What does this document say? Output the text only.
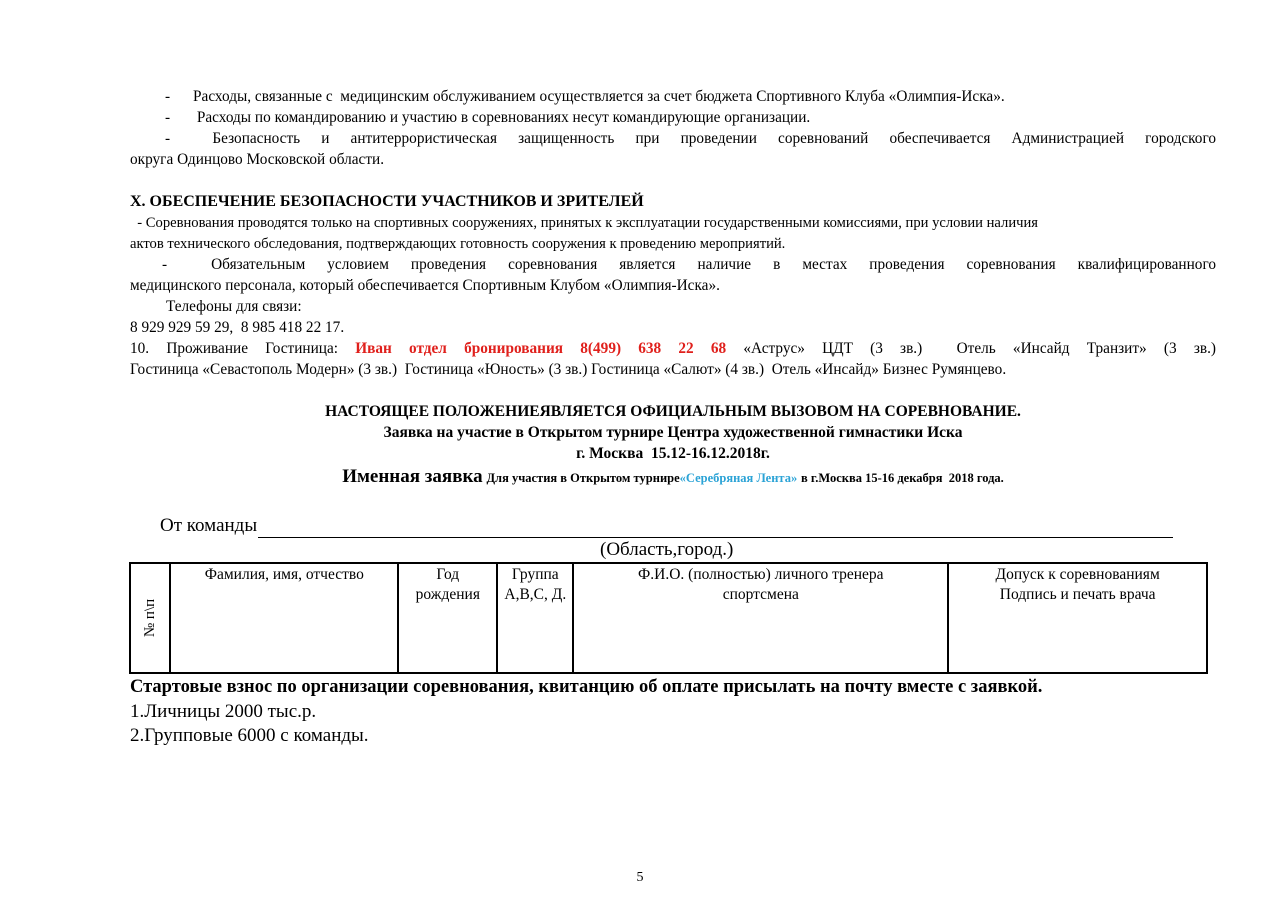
-      Расходы, связанные с  медицинским обслуживанием осуществляется за счет бюджета Спортивного Клуба «Олимпия-Иска».
-       Расходы по командированию и участию в соревнованиях несут командирующие организации.
-  Безопасность и антитеррористическая защищенность при проведении соревнований обеспечивается Администрацией городского
округа Одинцово Московской области.
X. ОБЕСПЕЧЕНИЕ БЕЗОПАСНОСТИ УЧАСТНИКОВ И ЗРИТЕЛЕЙ
- Соревнования проводятся только на спортивных сооружениях, принятых к эксплуатации государственными комиссиями, при условии наличия
актов технического обследования, подтверждающих готовность сооружения к проведению мероприятий.
-  Обязательным условием проведения соревнования является наличие в местах проведения соревнования квалифицированного
медицинского персонала, который обеспечивается Спортивным Клубом «Олимпия-Иска».
Телефоны для связи:
8 929 929 59 29,  8 985 418 22 17.
10. Проживание Гостиница: Иван отдел бронирования 8(499) 638 22 68 «Аструс» ЦДТ (3 зв.)  Отель «Инсайд Транзит» (3 зв.)
Гостиница «Севастополь Модерн» (3 зв.)  Гостиница «Юность» (3 зв.) Гостиница «Салют» (4 зв.)  Отель «Инсайд» Бизнес Румянцево.
НАСТОЯЩЕЕ ПОЛОЖЕНИЕЯВЛЯЕТСЯ ОФИЦИАЛЬНЫМ ВЫЗОВОМ НА СОРЕВНОВАНИЕ.
Заявка на участие в Открытом турнире Центра художественной гимнастики Иска
г. Москва  15.12-16.12.2018г.
Именная заявка Для участия в Открытом турнире«Серебряная Лента» в г.Москва 15-16 декабря  2018 года.
От команды
(Область,город.)
№ п\п	Фамилия, имя, отчество	Год рождения	Группа А,В,С, Д.	Ф.И.О. (полностью) личного тренера спортсмена	Допуск к соревнованиям Подпись и печать врача
Стартовые взнос по организации соревнования, квитанцию об оплате присылать на почту вместе с заявкой.
1.Личницы 2000 тыс.р.
2.Групповые 6000 с команды.
5
